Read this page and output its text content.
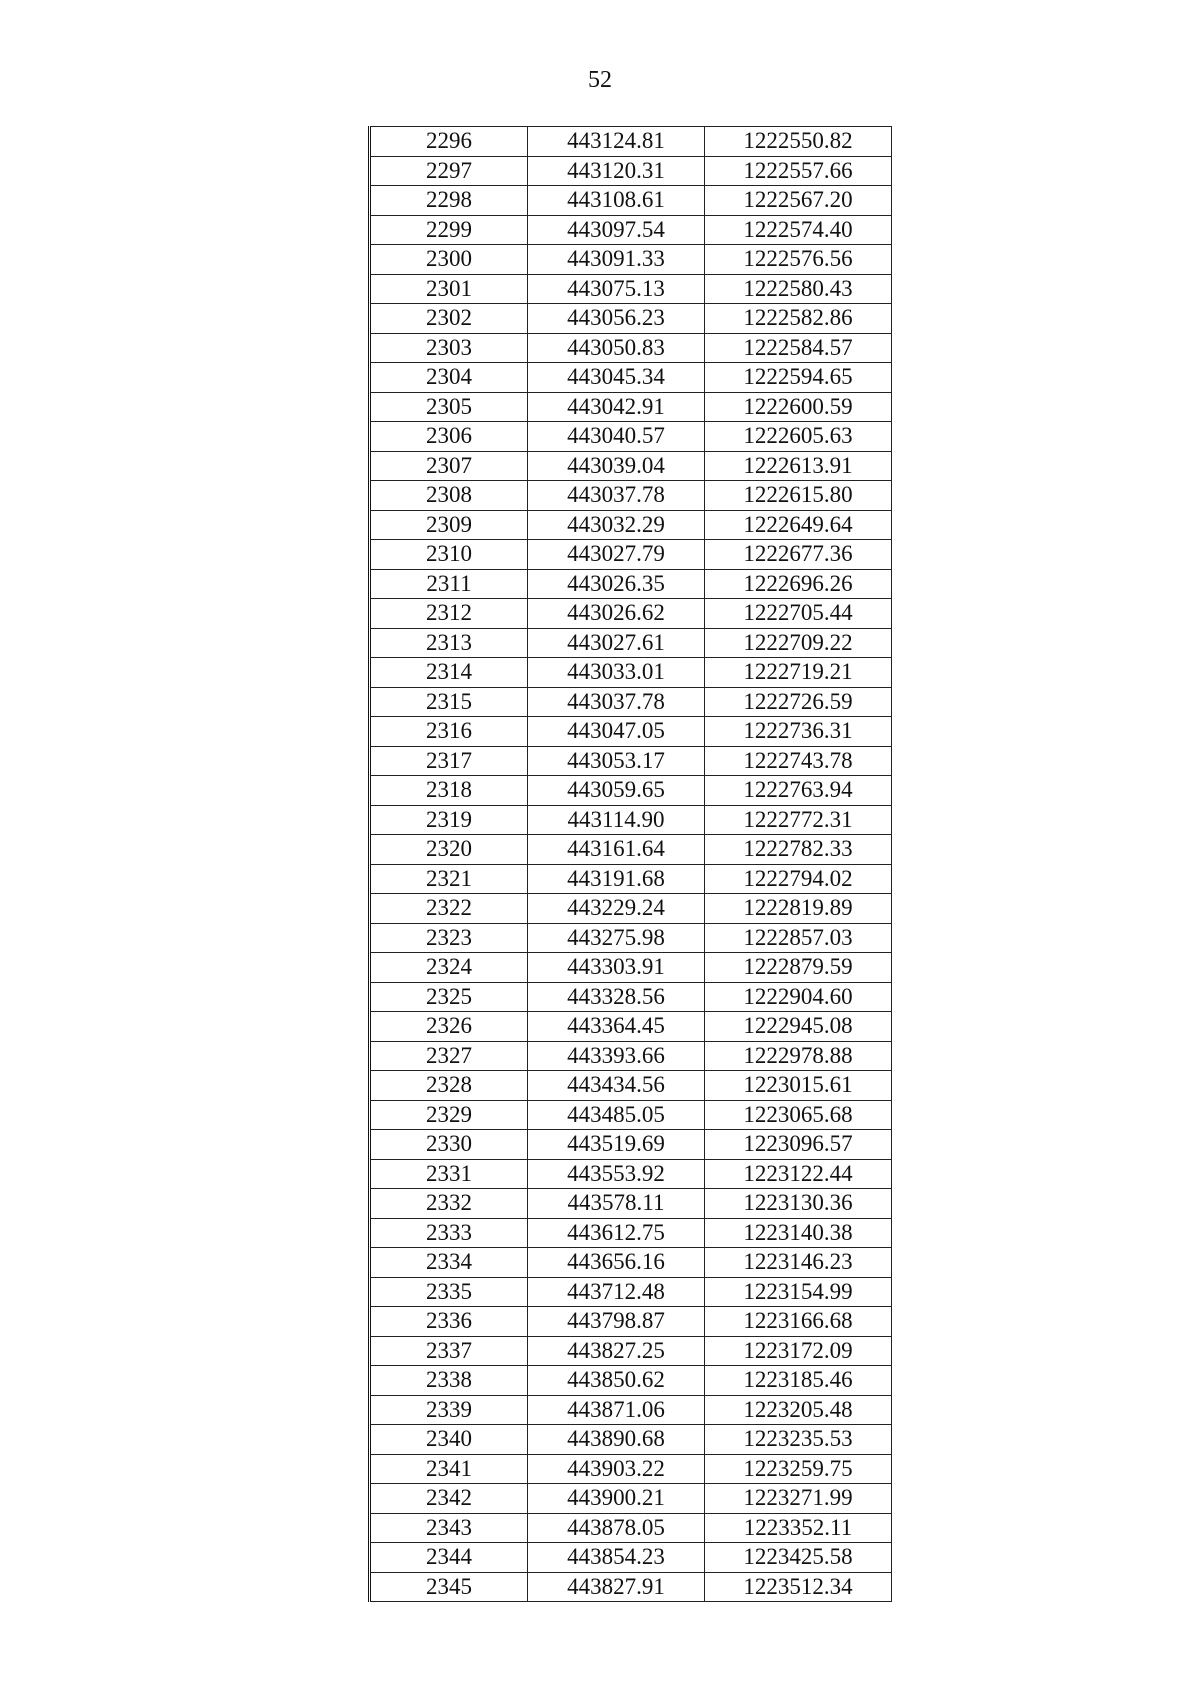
52
2296	443124.81	1222550.82
2297	443120.31	1222557.66
2298	443108.61	1222567.20
2299	443097.54	1222574.40
2300	443091.33	1222576.56
2301	443075.13	1222580.43
2302	443056.23	1222582.86
2303	443050.83	1222584.57
2304	443045.34	1222594.65
2305	443042.91	1222600.59
2306	443040.57	1222605.63
2307	443039.04	1222613.91
2308	443037.78	1222615.80
2309	443032.29	1222649.64
2310	443027.79	1222677.36
2311	443026.35	1222696.26
2312	443026.62	1222705.44
2313	443027.61	1222709.22
2314	443033.01	1222719.21
2315	443037.78	1222726.59
2316	443047.05	1222736.31
2317	443053.17	1222743.78
2318	443059.65	1222763.94
2319	443114.90	1222772.31
2320	443161.64	1222782.33
2321	443191.68	1222794.02
2322	443229.24	1222819.89
2323	443275.98	1222857.03
2324	443303.91	1222879.59
2325	443328.56	1222904.60
2326	443364.45	1222945.08
2327	443393.66	1222978.88
2328	443434.56	1223015.61
2329	443485.05	1223065.68
2330	443519.69	1223096.57
2331	443553.92	1223122.44
2332	443578.11	1223130.36
2333	443612.75	1223140.38
2334	443656.16	1223146.23
2335	443712.48	1223154.99
2336	443798.87	1223166.68
2337	443827.25	1223172.09
2338	443850.62	1223185.46
2339	443871.06	1223205.48
2340	443890.68	1223235.53
2341	443903.22	1223259.75
2342	443900.21	1223271.99
2343	443878.05	1223352.11
2344	443854.23	1223425.58
2345	443827.91	1223512.34
